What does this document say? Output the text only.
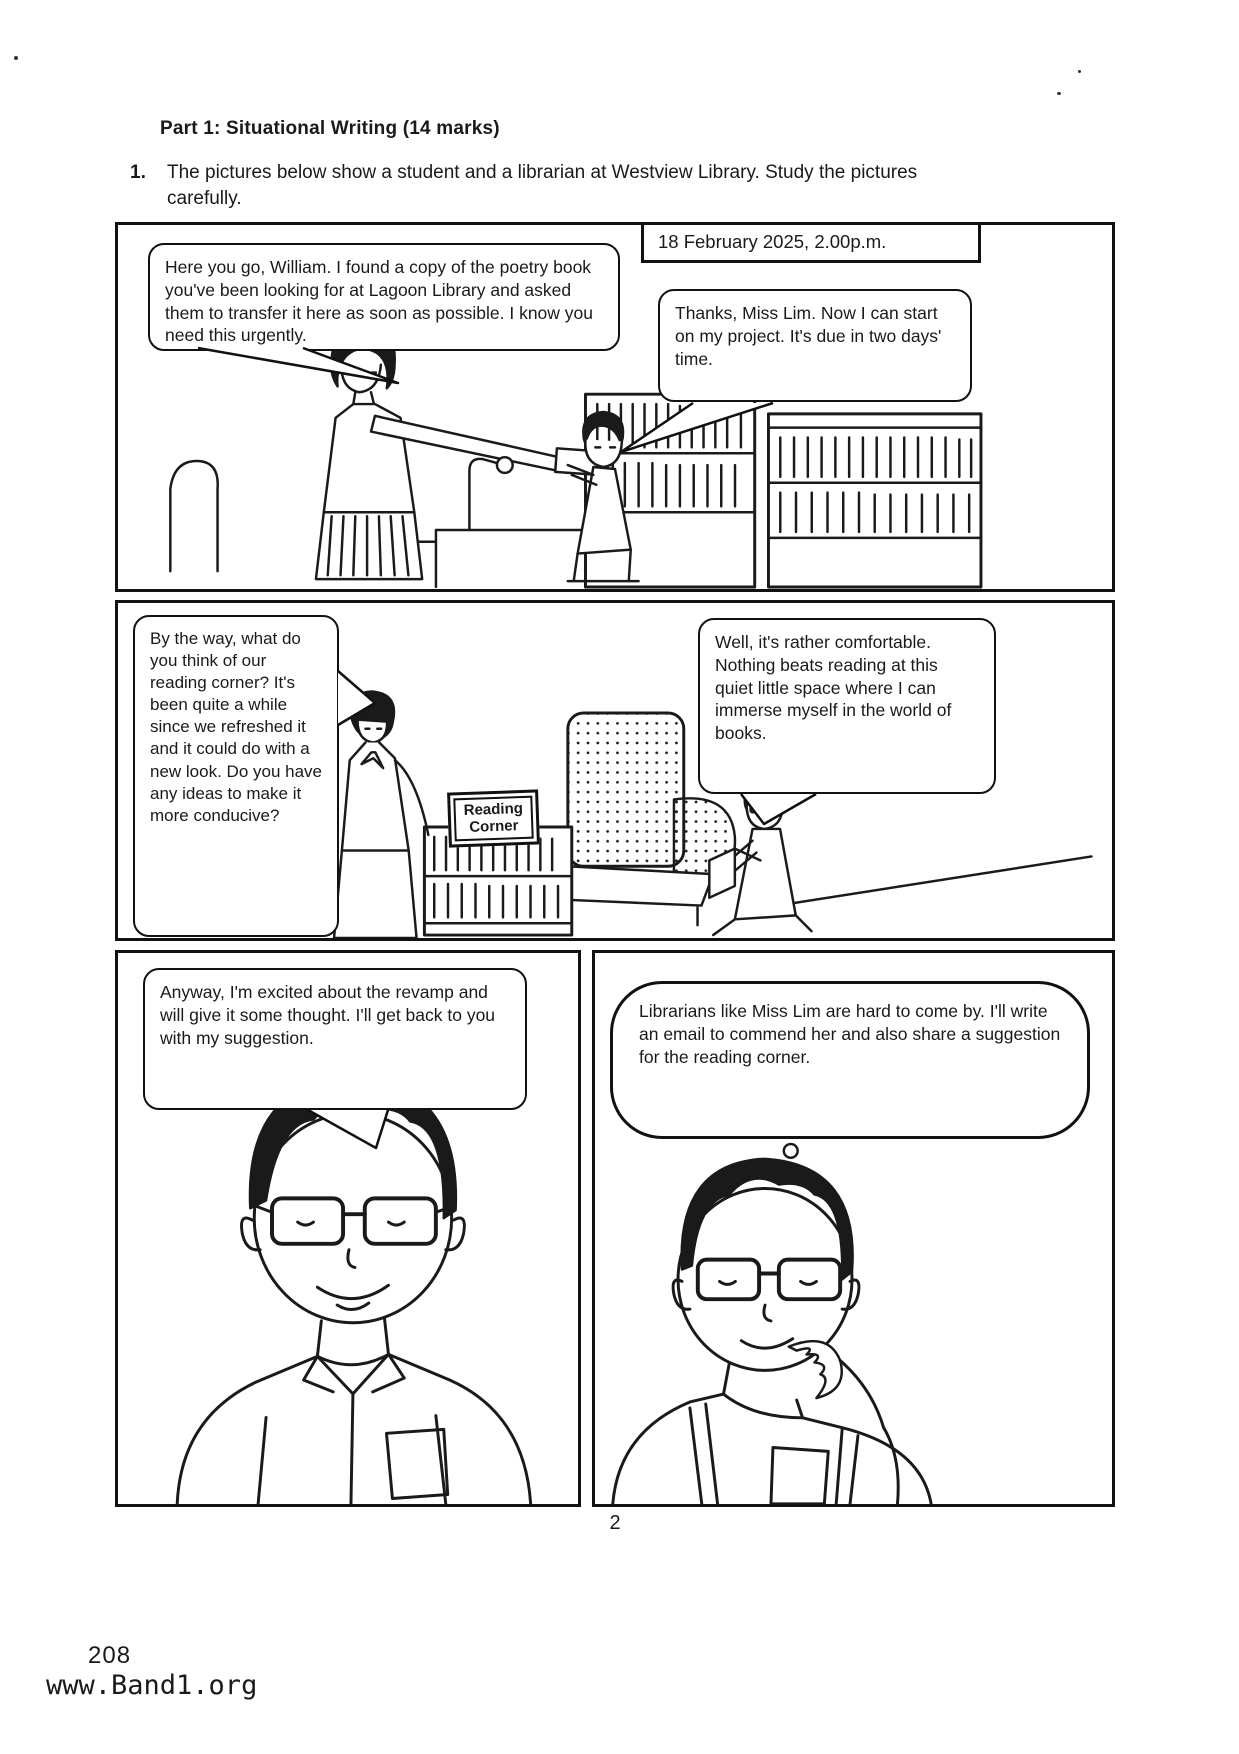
Part 1: Situational Writing (14 marks)
1. The pictures below show a student and a librarian at Westview Library. Study the pictures carefully.
Here you go, William. I found a copy of the poetry book you've been looking for at Lagoon Library and asked them to transfer it here as soon as possible. I know you need this urgently.
18 February 2025, 2.00p.m.
Thanks, Miss Lim. Now I can start on my project. It's due in two days' time.
By the way, what do you think of our reading corner? It's been quite a while since we refreshed it and it could do with a new look. Do you have any ideas to make it more conducive?	Reading
Corner
Well, it's rather comfortable. Nothing beats reading at this quiet little space where I can immerse myself in the world of books.
Anyway, I'm excited about the revamp and will give it some thought. I'll get back to you with my suggestion.
Librarians like Miss Lim are hard to come by. I'll write an email to commend her and also share a suggestion for the reading corner.
2
208
www.Band1.org
